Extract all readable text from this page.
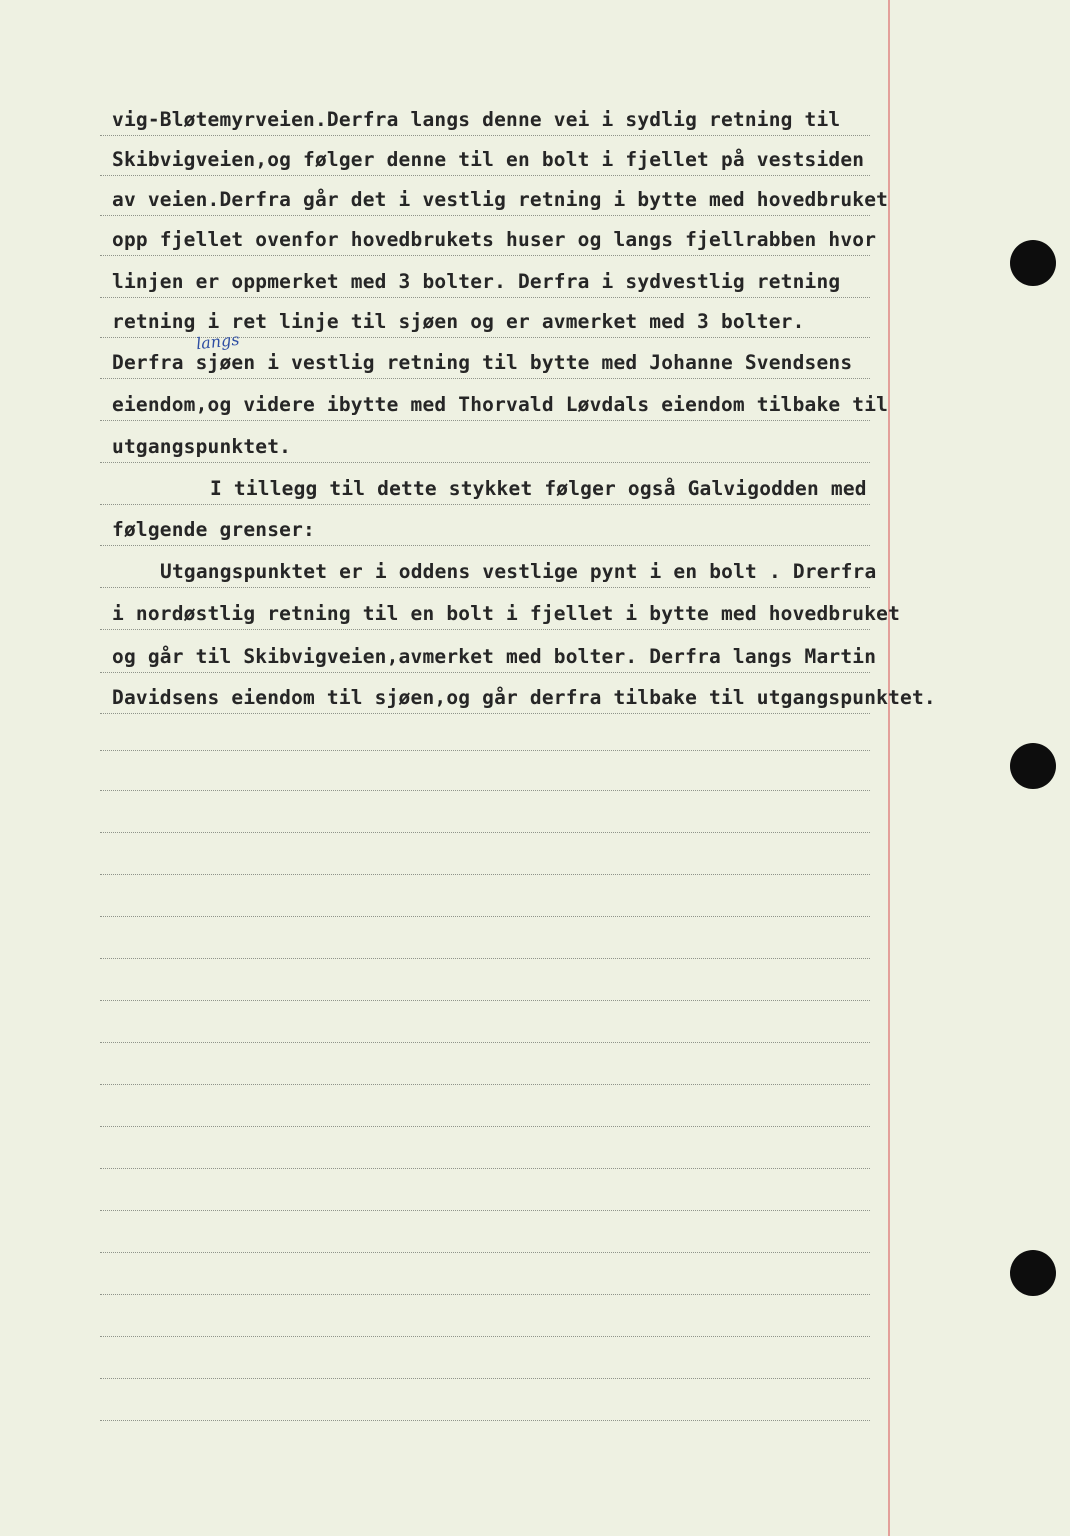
vig-Bløtemyrveien.Derfra langs denne vei i sydlig retning til
Skibvigveien,og følger denne til en bolt i fjellet på vestsiden
av veien.Derfra går det i vestlig retning i bytte med hovedbruket
opp fjellet ovenfor hovedbrukets huser og langs fjellrabben hvor
linjen er oppmerket med 3 bolter. Derfra i sydvestlig retning
retning i ret linje til sjøen og er avmerket med 3 bolter.
Derfra sjøen i vestlig retning til bytte med Johanne Svendsens
eiendom,og videre ibytte med Thorvald Løvdals eiendom tilbake til
utgangspunktet.
I tillegg til dette stykket følger også Galvigodden med
følgende grenser:
Utgangspunktet er i oddens vestlige pynt i en bolt . Drerfra
i nordøstlig retning til en bolt i fjellet i bytte med hovedbruket
og går til Skibvigveien,avmerket med bolter. Derfra langs Martin
Davidsens eiendom til sjøen,og går derfra tilbake til utgangspunktet.
langs
